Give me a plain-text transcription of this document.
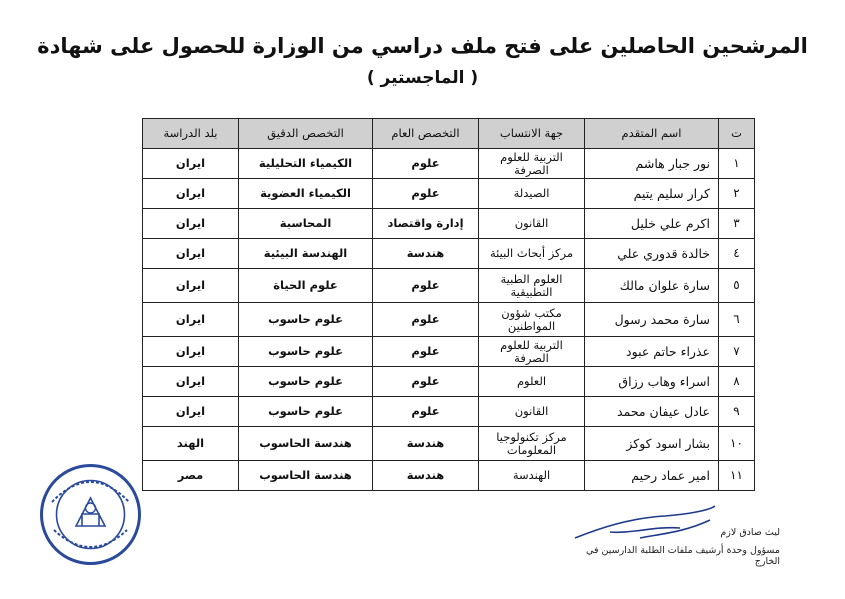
المرشحين الحاصلين على فتح ملف دراسي من الوزارة للحصول على شهادة
( الماجستير )
ت	اسم المتقدم	جهة الانتساب	التخصص العام	التخصص الدقيق	بلد الدراسة
١	نور جبار هاشم	التربية للعلوم الصرفة	علوم	الكيمياء التحليلية	ايران
٢	كرار سليم يتيم	الصيدلة	علوم	الكيمياء العضوية	ايران
٣	اكرم علي خليل	القانون	إدارة واقتصاد	المحاسبة	ايران
٤	خالدة قدوري علي	مركز أبحاث البيئة	هندسة	الهندسة البيئية	ايران
٥	سارة علوان مالك	العلوم الطبية التطبيقية	علوم	علوم الحياة	ايران
٦	سارة محمد رسول	مكتب شؤون المواطنين	علوم	علوم حاسوب	ايران
٧	عذراء حاتم عبود	التربية للعلوم الصرفة	علوم	علوم حاسوب	ايران
٨	اسراء وهاب رزاق	العلوم	علوم	علوم حاسوب	ايران
٩	عادل عيفان محمد	القانون	علوم	علوم حاسوب	ايران
١٠	بشار اسود كوكز	مركز تكنولوجيا المعلومات	هندسة	هندسة الحاسوب	الهند
١١	امير عماد رحيم	الهندسة	هندسة	هندسة الحاسوب	مصر
ليث صادق لازم
مسؤول وحدة أرشيف ملفات الطلبة الدارسين في الخارج
